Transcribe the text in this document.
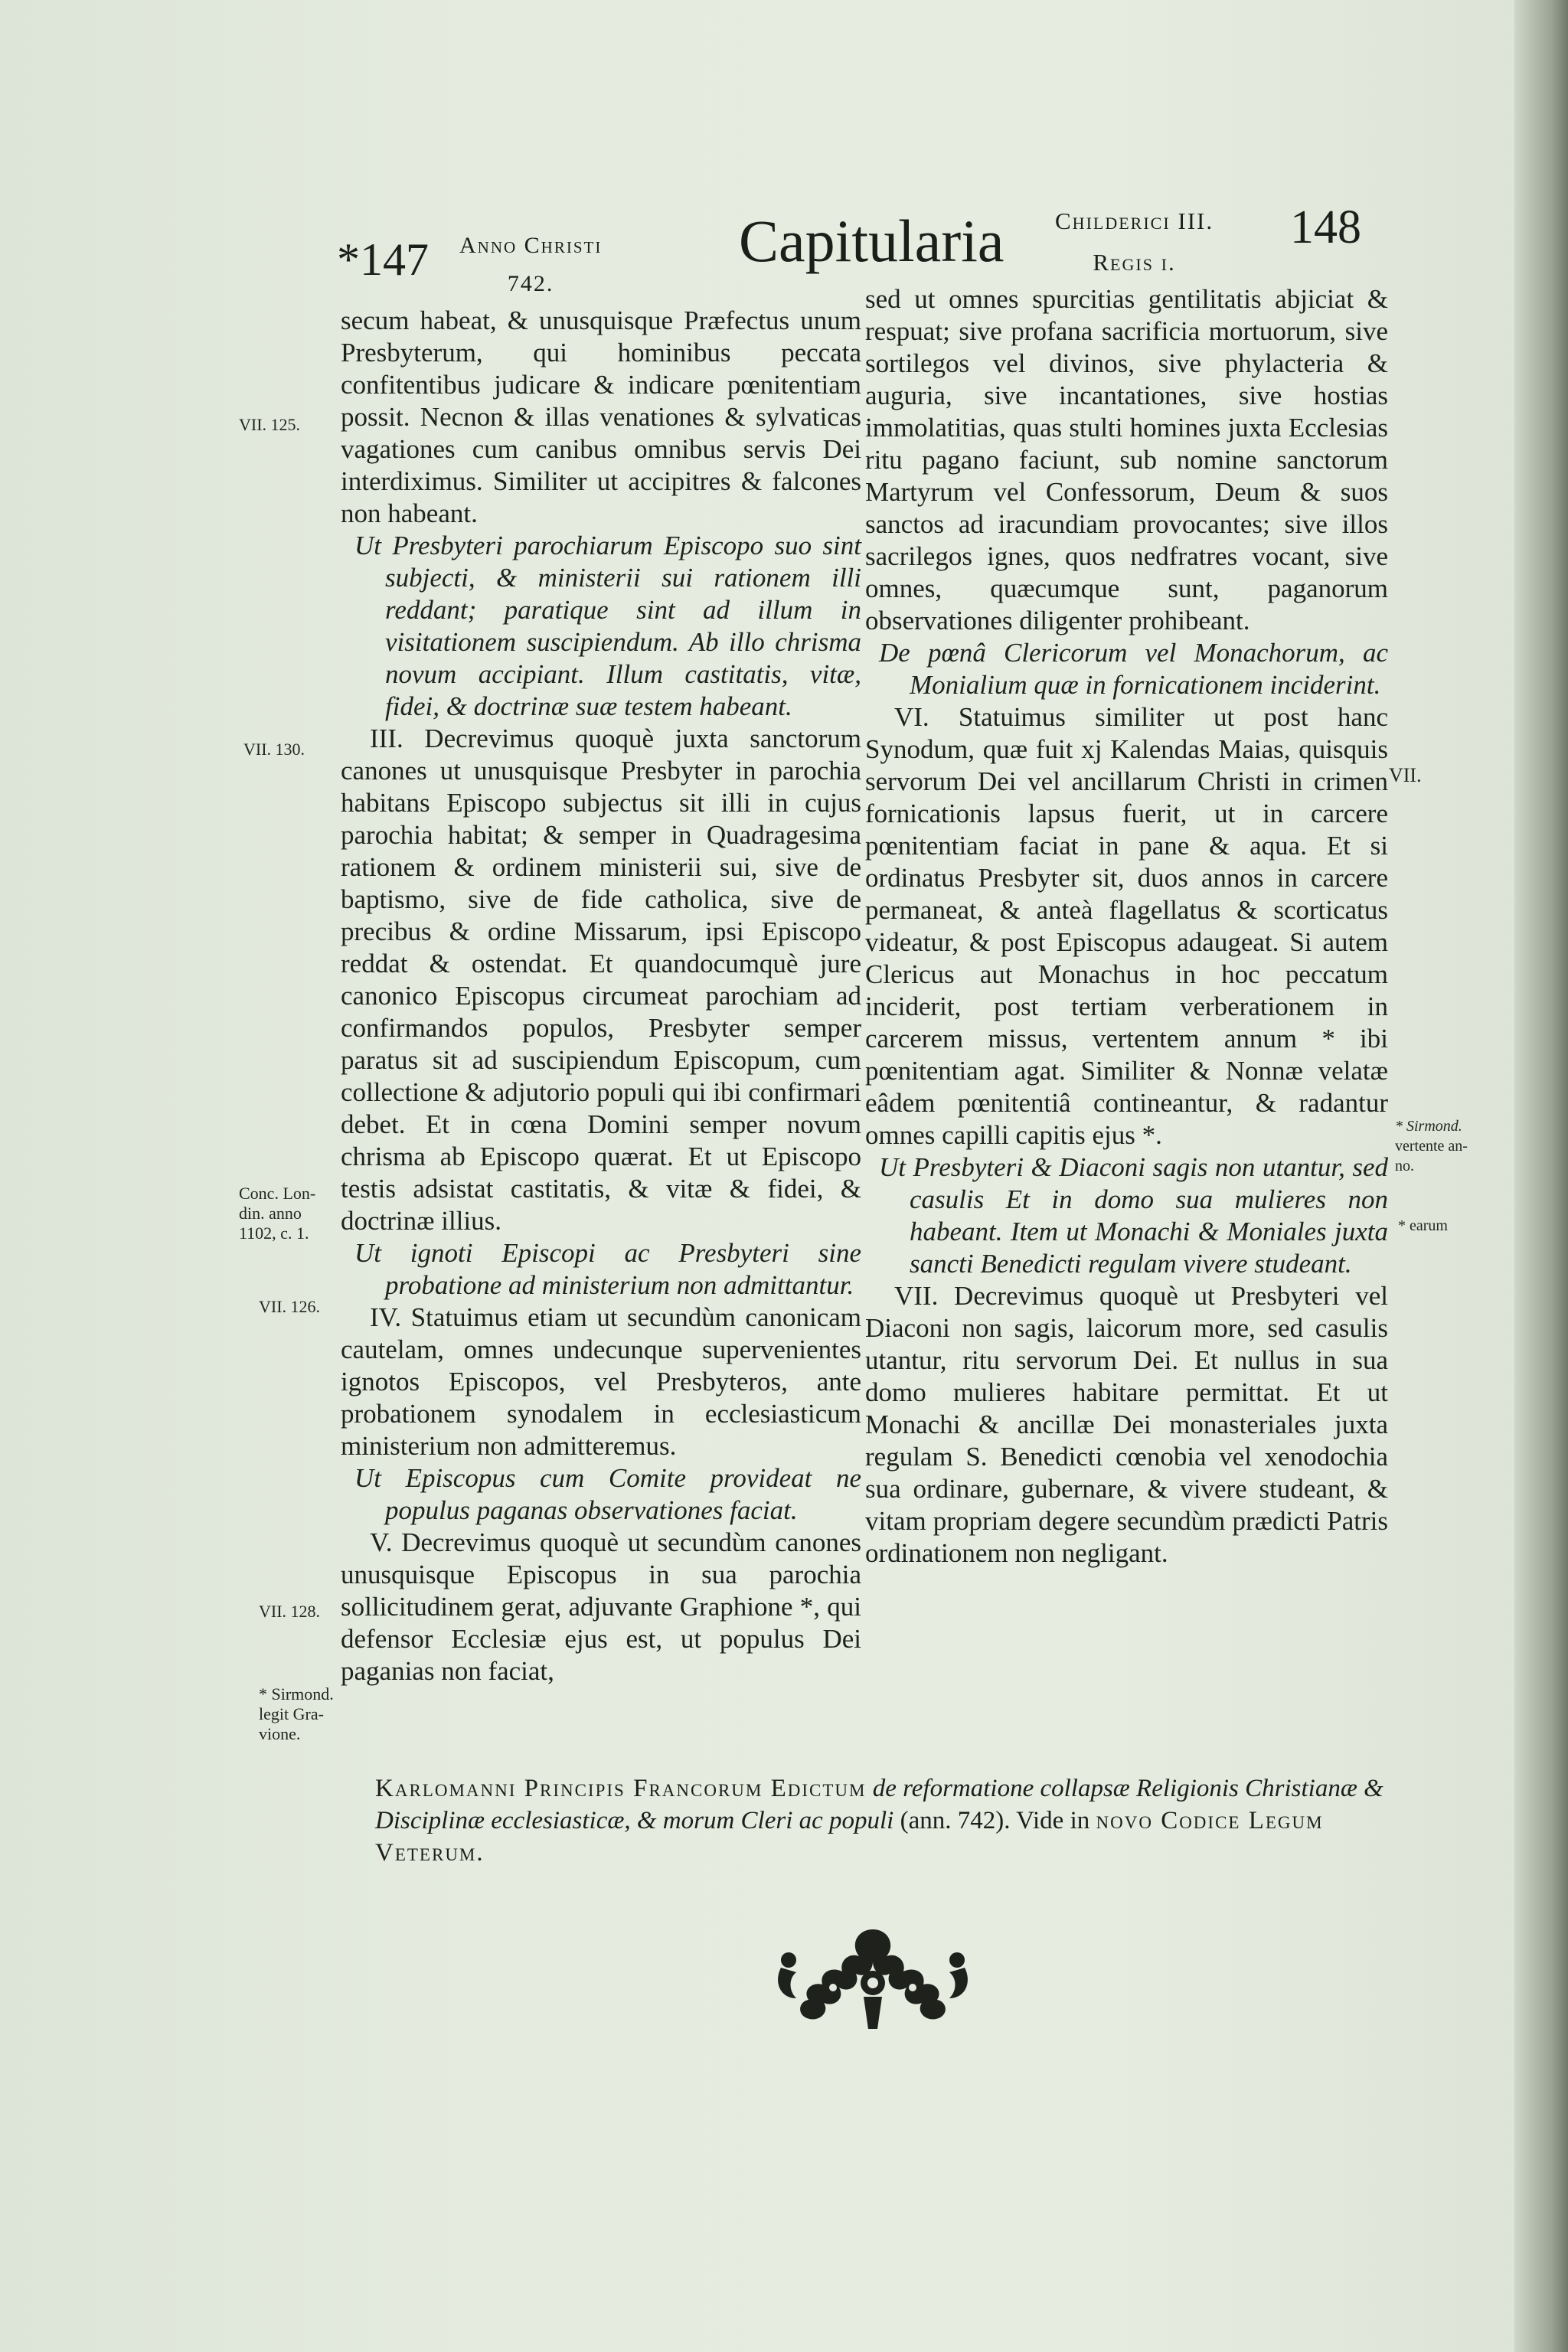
*147 Anno Christi
742.
Capitularia Childerici III.
Regis i.
148

secum habeat, & unusquisque Præfectus unum Presbyterum, qui hominibus peccata confitentibus judicare & indicare pœnitentiam possit. Necnon & illas venationes & sylvaticas vagationes cum canibus omnibus servis Dei interdiximus. Similiter ut accipitres & falcones non habeant.

Ut Presbyteri parochiarum Episcopo suo sint subjecti, & ministerii sui rationem illi reddant; paratique sint ad illum in visitationem suscipiendum. Ab illo chrisma novum accipiant. Illum castitatis, vitæ, fidei, & doctrinæ suæ testem habeant.

III. Decrevimus quoquè juxta sanctorum canones ut unusquisque Presbyter in parochia habitans Episcopo subjectus sit illi in cujus parochia habitat; & semper in Quadragesima rationem & ordinem ministerii sui, sive de baptismo, sive de fide catholica, sive de precibus & ordine Missarum, ipsi Episcopo reddat & ostendat. Et quandocumquè jure canonico Episcopus circumeat parochiam ad confirmandos populos, Presbyter semper paratus sit ad suscipiendum Episcopum, cum collectione & adjutorio populi qui ibi confirmari debet. Et in cœna Domini semper novum chrisma ab Episcopo quærat. Et ut Episcopo testis adsistat castitatis, & vitæ & fidei, & doctrinæ illius.

Ut ignoti Episcopi ac Presbyteri sine probatione ad ministerium non admittantur.

IV. Statuimus etiam ut secundùm canonicam cautelam, omnes undecunque supervenientes ignotos Episcopos, vel Presbyteros, ante probationem synodalem in ecclesiasticum ministerium non admitteremus.

Ut Episcopus cum Comite provideat ne populus paganas observationes faciat.

V. Decrevimus quoquè ut secundùm canones unusquisque Episcopus in sua parochia sollicitudinem gerat, adjuvante Graphione *, qui defensor Ecclesiæ ejus est, ut populus Dei paganias non faciat,

sed ut omnes spurcitias gentilitatis abjiciat & respuat; sive profana sacrificia mortuorum, sive sortilegos vel divinos, sive phylacteria & auguria, sive incantationes, sive hostias immolatitias, quas stulti homines juxta Ecclesias ritu pagano faciunt, sub nomine sanctorum Martyrum vel Confessorum, Deum & suos sanctos ad iracundiam provocantes; sive illos sacrilegos ignes, quos nedfratres vocant, sive omnes, quæcumque sunt, paganorum observationes diligenter prohibeant.

De pœnâ Clericorum vel Monachorum, ac Monialium quæ in fornicationem inciderint.

VI. Statuimus similiter ut post hanc Synodum, quæ fuit xj Kalendas Maias, quisquis servorum Dei vel ancillarum Christi in crimen fornicationis lapsus fuerit, ut in carcere pœnitentiam faciat in pane & aqua. Et si ordinatus Presbyter sit, duos annos in carcere permaneat, & anteà flagellatus & scorticatus videatur, & post Episcopus adaugeat. Si autem Clericus aut Monachus in hoc peccatum inciderit, post tertiam verberationem in carcerem missus, vertentem annum * ibi pœnitentiam agat. Similiter & Nonnæ velatæ eâdem pœnitentiâ contineantur, & radantur omnes capilli capitis ejus *.

Ut Presbyteri & Diaconi sagis non utantur, sed casulis Et in domo sua mulieres non habeant. Item ut Monachi & Moniales juxta sancti Benedicti regulam vivere studeant.

VII. Decrevimus quoquè ut Presbyteri vel Diaconi non sagis, laicorum more, sed casulis utantur, ritu servorum Dei. Et nullus in sua domo mulieres habitare permittat. Et ut Monachi & ancillæ Dei monasteriales juxta regulam S. Benedicti cœnobia vel xenodochia sua ordinare, gubernare, & vivere studeant, & vitam propriam degere secundùm prædicti Patris ordinationem non negligant.

VII. 125.
VII. 130.
Conc. Lon-
din. anno
1102, c. 1.
VII. 126.
VII. 128.
* Sirmond.
legit Gra-
vione.
VII.
* Sirmond.
vertente an-
no.
* earum
Karlomanni Principis Francorum Edictum de reformatione collapsæ Religionis Christianæ & Disciplinæ ecclesiasticæ, & morum Cleri ac populi (ann. 742). Vide in novo Codice Legum Veterum.
